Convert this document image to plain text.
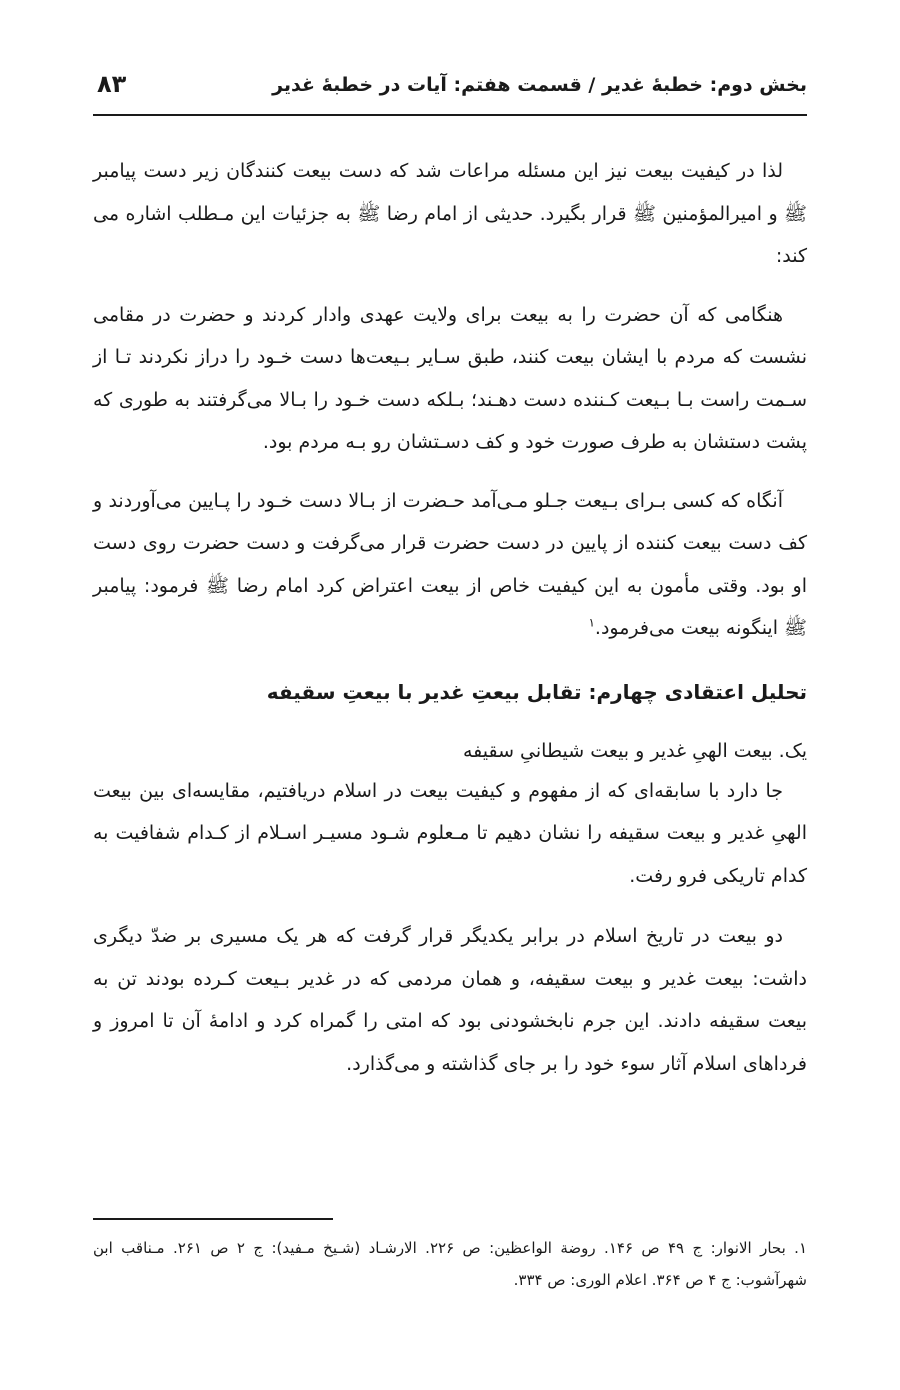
بخش دوم: خطبهٔ غدیر / قسمت هفتم: آیات در خطبهٔ غدیر
۸۳

لذا در کیفیت بیعت نیز این مسئله مراعات شد که دست بیعت کنندگان زیر دست پیامبر ﷺ و امیرالمؤمنین ﷺ قرار بگیرد. حدیثی از امام رضا ﷺ به جزئیات این مـطلب اشاره می کند:

هنگامی که آن حضرت را به بیعت برای ولایت عهدی وادار کردند و حضرت در مقامی نشست که مردم با ایشان بیعت کنند، طبق سـایر بـیعت‌ها دست خـود را دراز نکردند تـا از سـمت راست بـا بـیعت کـننده دست دهـند؛ بـلکه دست خـود را بـالا می‌گرفتند به طوری که پشت دستشان به طرف صورت خود و کف دسـتشان رو بـه مردم بود.

آنگاه که کسی بـرای بـیعت جـلو مـی‌آمد حـضرت از بـالا دست خـود را پـایین می‌آوردند و کف دست بیعت کننده از پایین در دست حضرت قرار می‌گرفت و دست حضرت روی دست او بود. وقتی مأمون به این کیفیت خاص از بیعت اعتراض کرد امام رضا ﷺ فرمود: پیامبر ﷺ اینگونه بیعت می‌فرمود.$^۱$

تحلیل اعتقادی چهارم: تقابل بیعتِ غدیر با بیعتِ سقیفه
یک. بیعت الهیِ غدیر و بیعت شیطانیِ سقیفه

جا دارد با سابقه‌ای که از مفهوم و کیفیت بیعت در اسلام دریافتیم، مقایسه‌ای بین بیعت الهیِ غدیر و بیعت سقیفه را نشان دهیم تا مـعلوم شـود مسیـر اسـلام از کـدام شفافیت به کدام تاریکی فرو رفت.

دو بیعت در تاریخ اسلام در برابر یکدیگر قرار گرفت که هر یک مسیری بر ضدّ دیگری داشت: بیعت غدیر و بیعت سقیفه، و همان مردمی که در غدیر بـیعت کـرده بودند تن به بیعت سقیفه دادند. این جرم نابخشودنی بود که امتی را گمراه کرد و ادامهٔ آن تا امروز و فرداهای اسلام آثار سوء خود را بر جای گذاشته و می‌گذارد.

۱. بحار الانوار: ج ۴۹ ص ۱۴۶. روضة الواعظین: ص ۲۲۶. الارشـاد (شـیخ مـفید): ج ۲ ص ۲۶۱. مـناقب ابن شهرآشوب: ج ۴ ص ۳۶۴. اعلام الوری: ص ۳۳۴.
